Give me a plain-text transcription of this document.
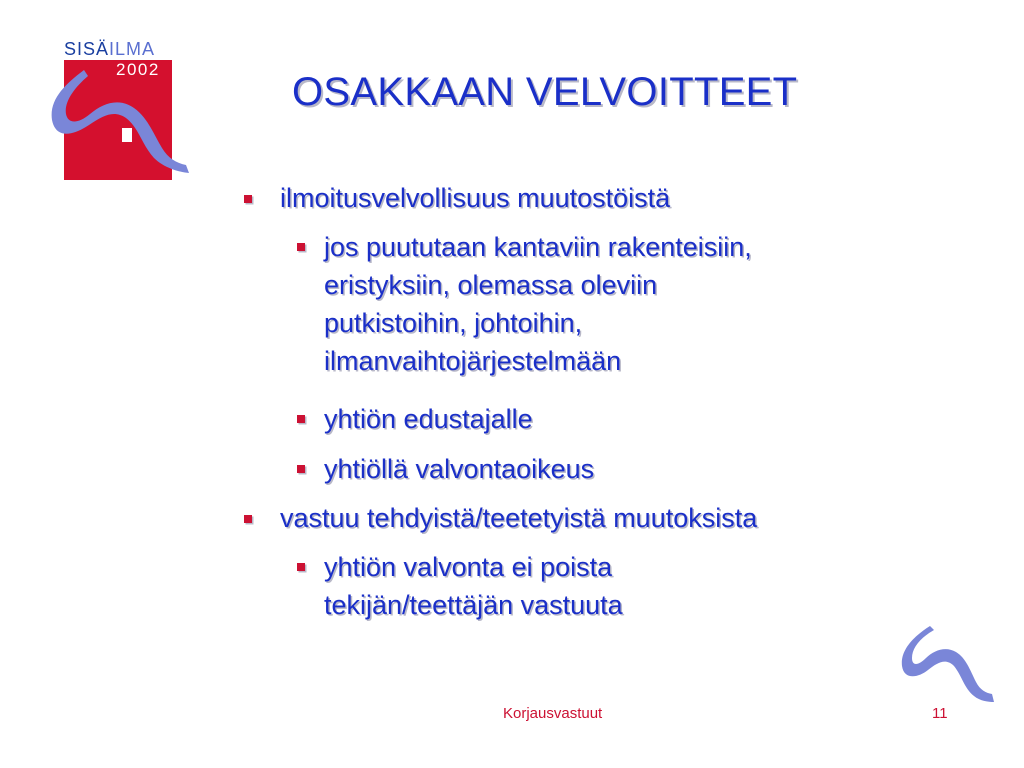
SISÄILMA
2002
OSAKKAAN VELVOITTEET
ilmoitusvelvollisuus muutostöistä
jos puututaan kantaviin rakenteisiin,
eristyksiin, olemassa oleviin
putkistoihin, johtoihin,
ilmanvaihtojärjestelmään
yhtiön edustajalle
yhtiöllä valvontaoikeus
vastuu tehdyistä/teetetyistä muutoksista
yhtiön valvonta ei poista
tekijän/teettäjän vastuuta
Korjausvastuut	11
